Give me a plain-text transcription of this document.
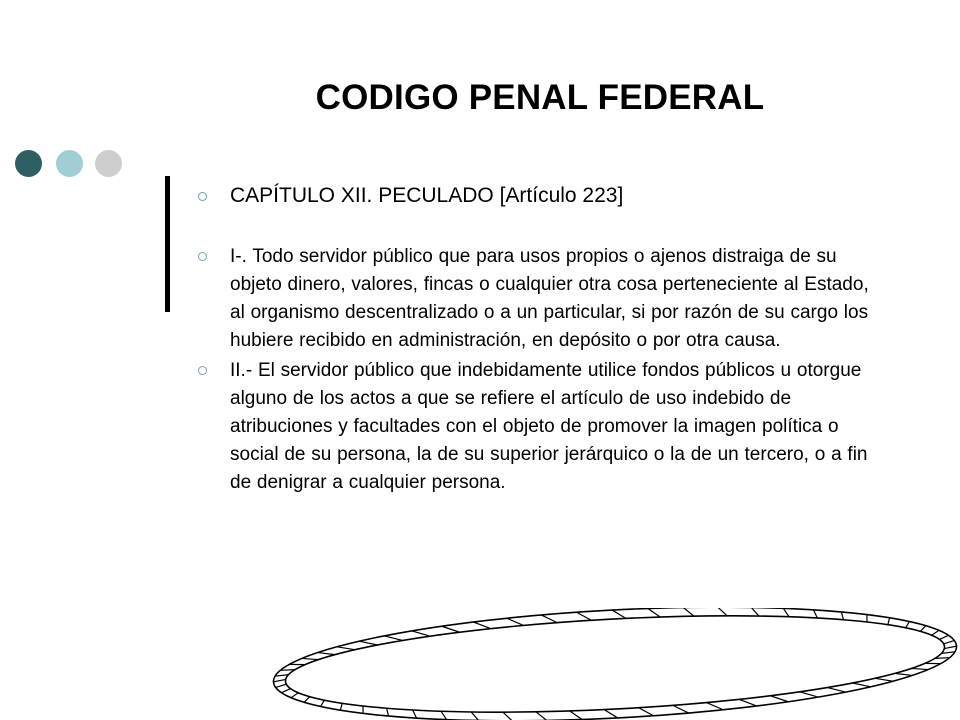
CODIGO PENAL FEDERAL
CAPÍTULO XII. PECULADO [Artículo 223]
I-. Todo servidor público que para usos propios o ajenos distraiga de su objeto dinero, valores, fincas o cualquier otra cosa perteneciente al Estado, al organismo descentralizado o a un particular, si por razón de su cargo los hubiere recibido en administración, en depósito o por otra causa.
II.- El servidor público que indebidamente utilice fondos públicos u otorgue alguno de los actos a que se refiere el artículo de uso indebido de atribuciones y facultades con el objeto de promover la imagen política o social de su persona, la de su superior jerárquico o la de un tercero, o a fin de denigrar a cualquier persona.
